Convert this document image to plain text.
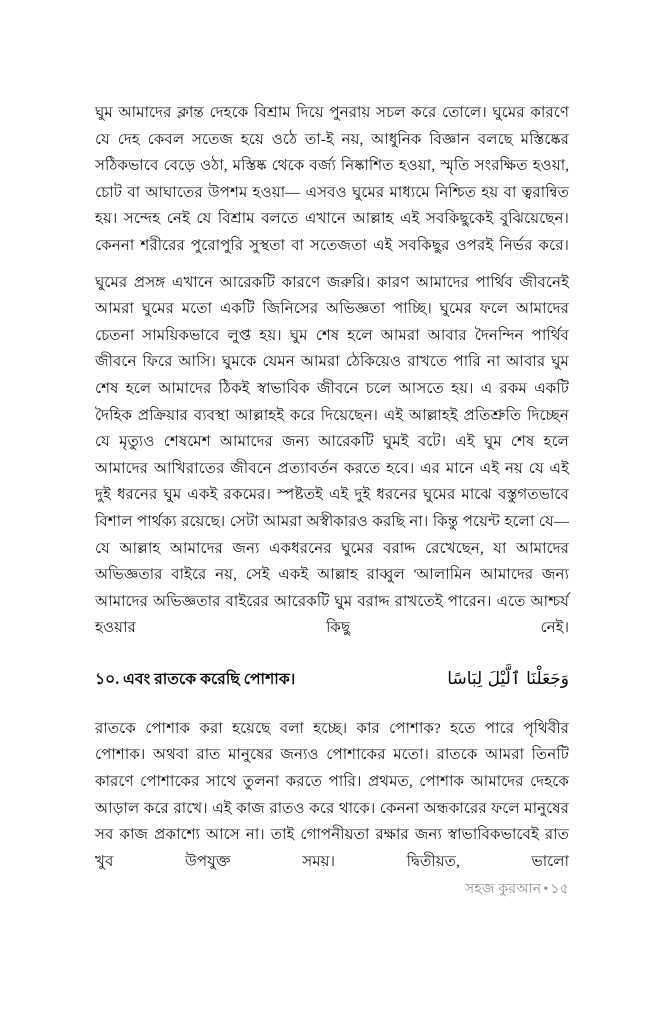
ঘুম আমাদের ক্লান্ত দেহকে বিশ্রাম দিয়ে পুনরায় সচল করে তোলে। ঘুমের কারণে যে দেহ কেবল সতেজ হয়ে ওঠে তা-ই নয়, আধুনিক বিজ্ঞান বলছে মস্তিষ্কের সঠিকভাবে বেড়ে ওঠা, মস্তিষ্ক থেকে বর্জ্য নিষ্কাশিত হওয়া, স্মৃতি সংরক্ষিত হওয়া, চোট বা আঘাতের উপশম হওয়া— এসবও ঘুমের মাধ্যমে নিশ্চিত হয় বা ত্বরান্বিত হয়। সন্দেহ নেই যে বিশ্রাম বলতে এখানে আল্লাহ এই সবকিছুকেই বুঝিয়েছেন। কেননা শরীরের পুরোপুরি সুস্থতা বা সতেজতা এই সবকিছুর ওপরই নির্ভর করে।

ঘুমের প্রসঙ্গ এখানে আরেকটি কারণে জরুরি। কারণ আমাদের পার্থিব জীবনেই আমরা ঘুমের মতো একটি জিনিসের অভিজ্ঞতা পাচ্ছি। ঘুমের ফলে আমাদের চেতনা সাময়িকভাবে লুপ্ত হয়। ঘুম শেষ হলে আমরা আবার দৈনন্দিন পার্থিব জীবনে ফিরে আসি। ঘুমকে যেমন আমরা ঠেকিয়েও রাখতে পারি না আবার ঘুম শেষ হলে আমাদের ঠিকই স্বাভাবিক জীবনে চলে আসতে হয়। এ রকম একটি দৈহিক প্রক্রিয়ার ব্যবস্থা আল্লাহই করে দিয়েছেন। এই আল্লাহই প্রতিশ্রুতি দিচ্ছেন যে মৃত্যুও শেষমেশ আমাদের জন্য আরেকটি ঘুমই বটে। এই ঘুম শেষ হলে আমাদের আখিরাতের জীবনে প্রত্যাবর্তন করতে হবে। এর মানে এই নয় যে এই দুই ধরনের ঘুম একই রকমের। স্পষ্টতই এই দুই ধরনের ঘুমের মাঝে বস্তুগতভাবে বিশাল পার্থক্য রয়েছে। সেটা আমরা অস্বীকারও করছি না। কিন্তু পয়েন্ট হলো যে— যে আল্লাহ আমাদের জন্য একধরনের ঘুমের বরাদ্দ রেখেছেন, যা আমাদের অভিজ্ঞতার বাইরে নয়, সেই একই আল্লাহ রাব্বুল 'আলামিন আমাদের জন্য আমাদের অভিজ্ঞতার বাইরের আরেকটি ঘুম বরাদ্দ রাখতেই পারেন। এতে আশ্চর্য হওয়ার কিছু নেই।

১০. এবং রাতকে করেছি পোশাক।	وَجَعَلْنَا ٱلَّيْلَ لِبَاسًا

রাতকে পোশাক করা হয়েছে বলা হচ্ছে। কার পোশাক? হতে পারে পৃথিবীর পোশাক। অথবা রাত মানুষের জন্যও পোশাকের মতো। রাতকে আমরা তিনটি কারণে পোশাকের সাথে তুলনা করতে পারি। প্রথমত, পোশাক আমাদের দেহকে আড়াল করে রাখে। এই কাজ রাতও করে থাকে। কেননা অন্ধকারের ফলে মানুষের সব কাজ প্রকাশ্যে আসে না। তাই গোপনীয়তা রক্ষার জন্য স্বাভাবিকভাবেই রাত খুব উপযুক্ত সময়। দ্বিতীয়ত, ভালো

সহজ কুরআন • ১৫
